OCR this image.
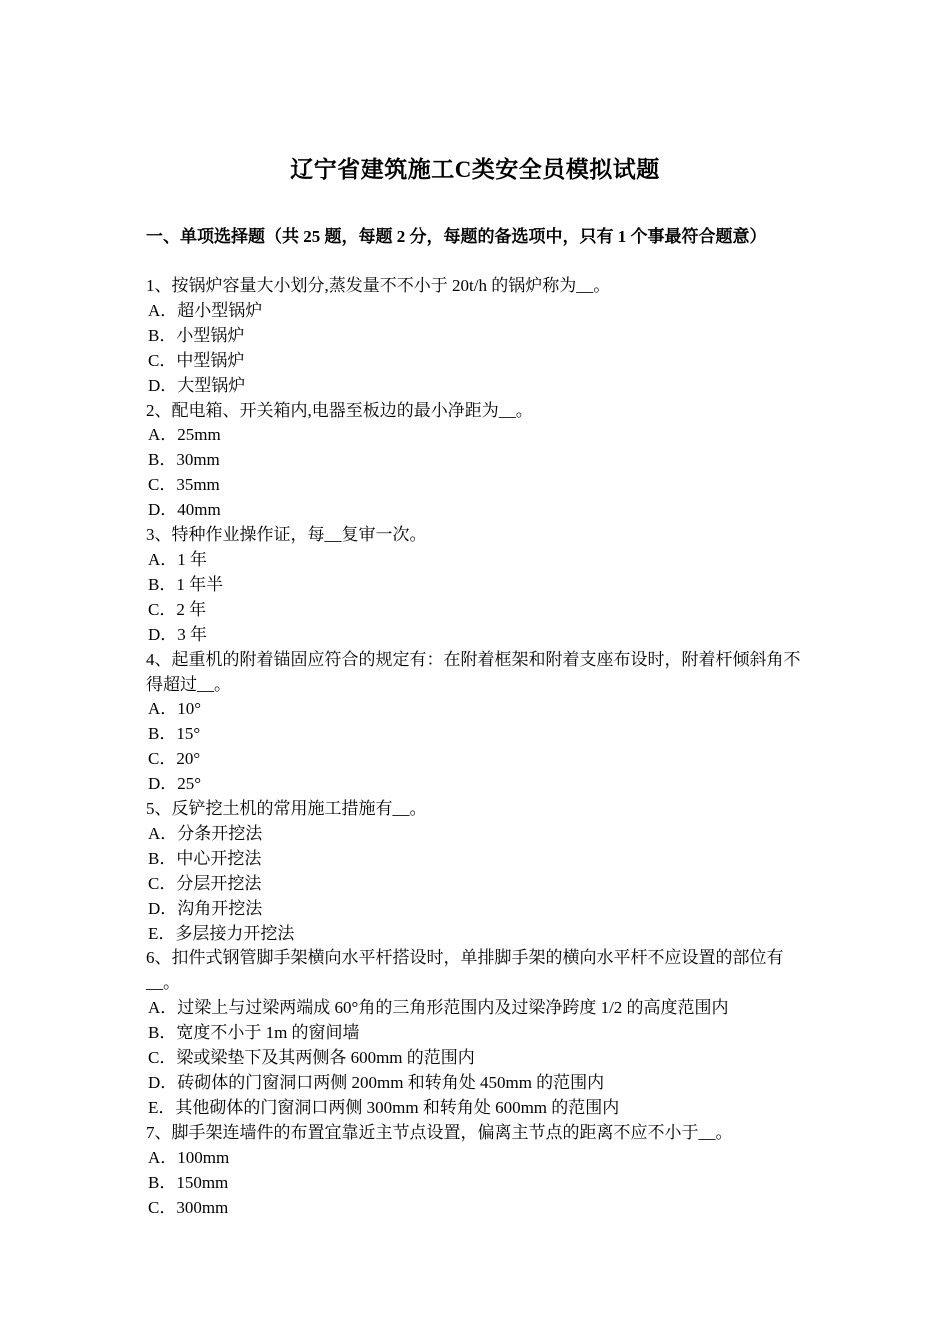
辽宁省建筑施工C类安全员模拟试题
一、单项选择题（共 25 题，每题 2 分，每题的备选项中，只有 1 个事最符合题意）

1、按锅炉容量大小划分,蒸发量不不小于 20t/h 的锅炉称为__。

A．超小型锅炉

B．小型锅炉

C．中型锅炉

D．大型锅炉

2、配电箱、开关箱内,电器至板边的最小净距为__。

A．25mm

B．30mm

C．35mm

D．40mm

3、特种作业操作证，每__复审一次。

A．1 年

B．1 年半

C．2 年

D．3 年

4、起重机的附着锚固应符合的规定有：在附着框架和附着支座布设时，附着杆倾斜角不得超过__。

A．10°

B．15°

C．20°

D．25°

5、反铲挖土机的常用施工措施有__。

A．分条开挖法

B．中心开挖法

C．分层开挖法

D．沟角开挖法

E．多层接力开挖法

6、扣件式钢管脚手架横向水平杆搭设时，单排脚手架的横向水平杆不应设置的部位有__。

A．过梁上与过梁两端成 60°角的三角形范围内及过梁净跨度 1/2 的高度范围内

B．宽度不小于 1m 的窗间墙

C．梁或梁垫下及其两侧各 600mm 的范围内

D．砖砌体的门窗洞口两侧 200mm 和转角处 450mm 的范围内

E．其他砌体的门窗洞口两侧 300mm 和转角处 600mm 的范围内

7、脚手架连墙件的布置宜靠近主节点设置，偏离主节点的距离不应不小于__。

A．100mm

B．150mm

C．300mm
